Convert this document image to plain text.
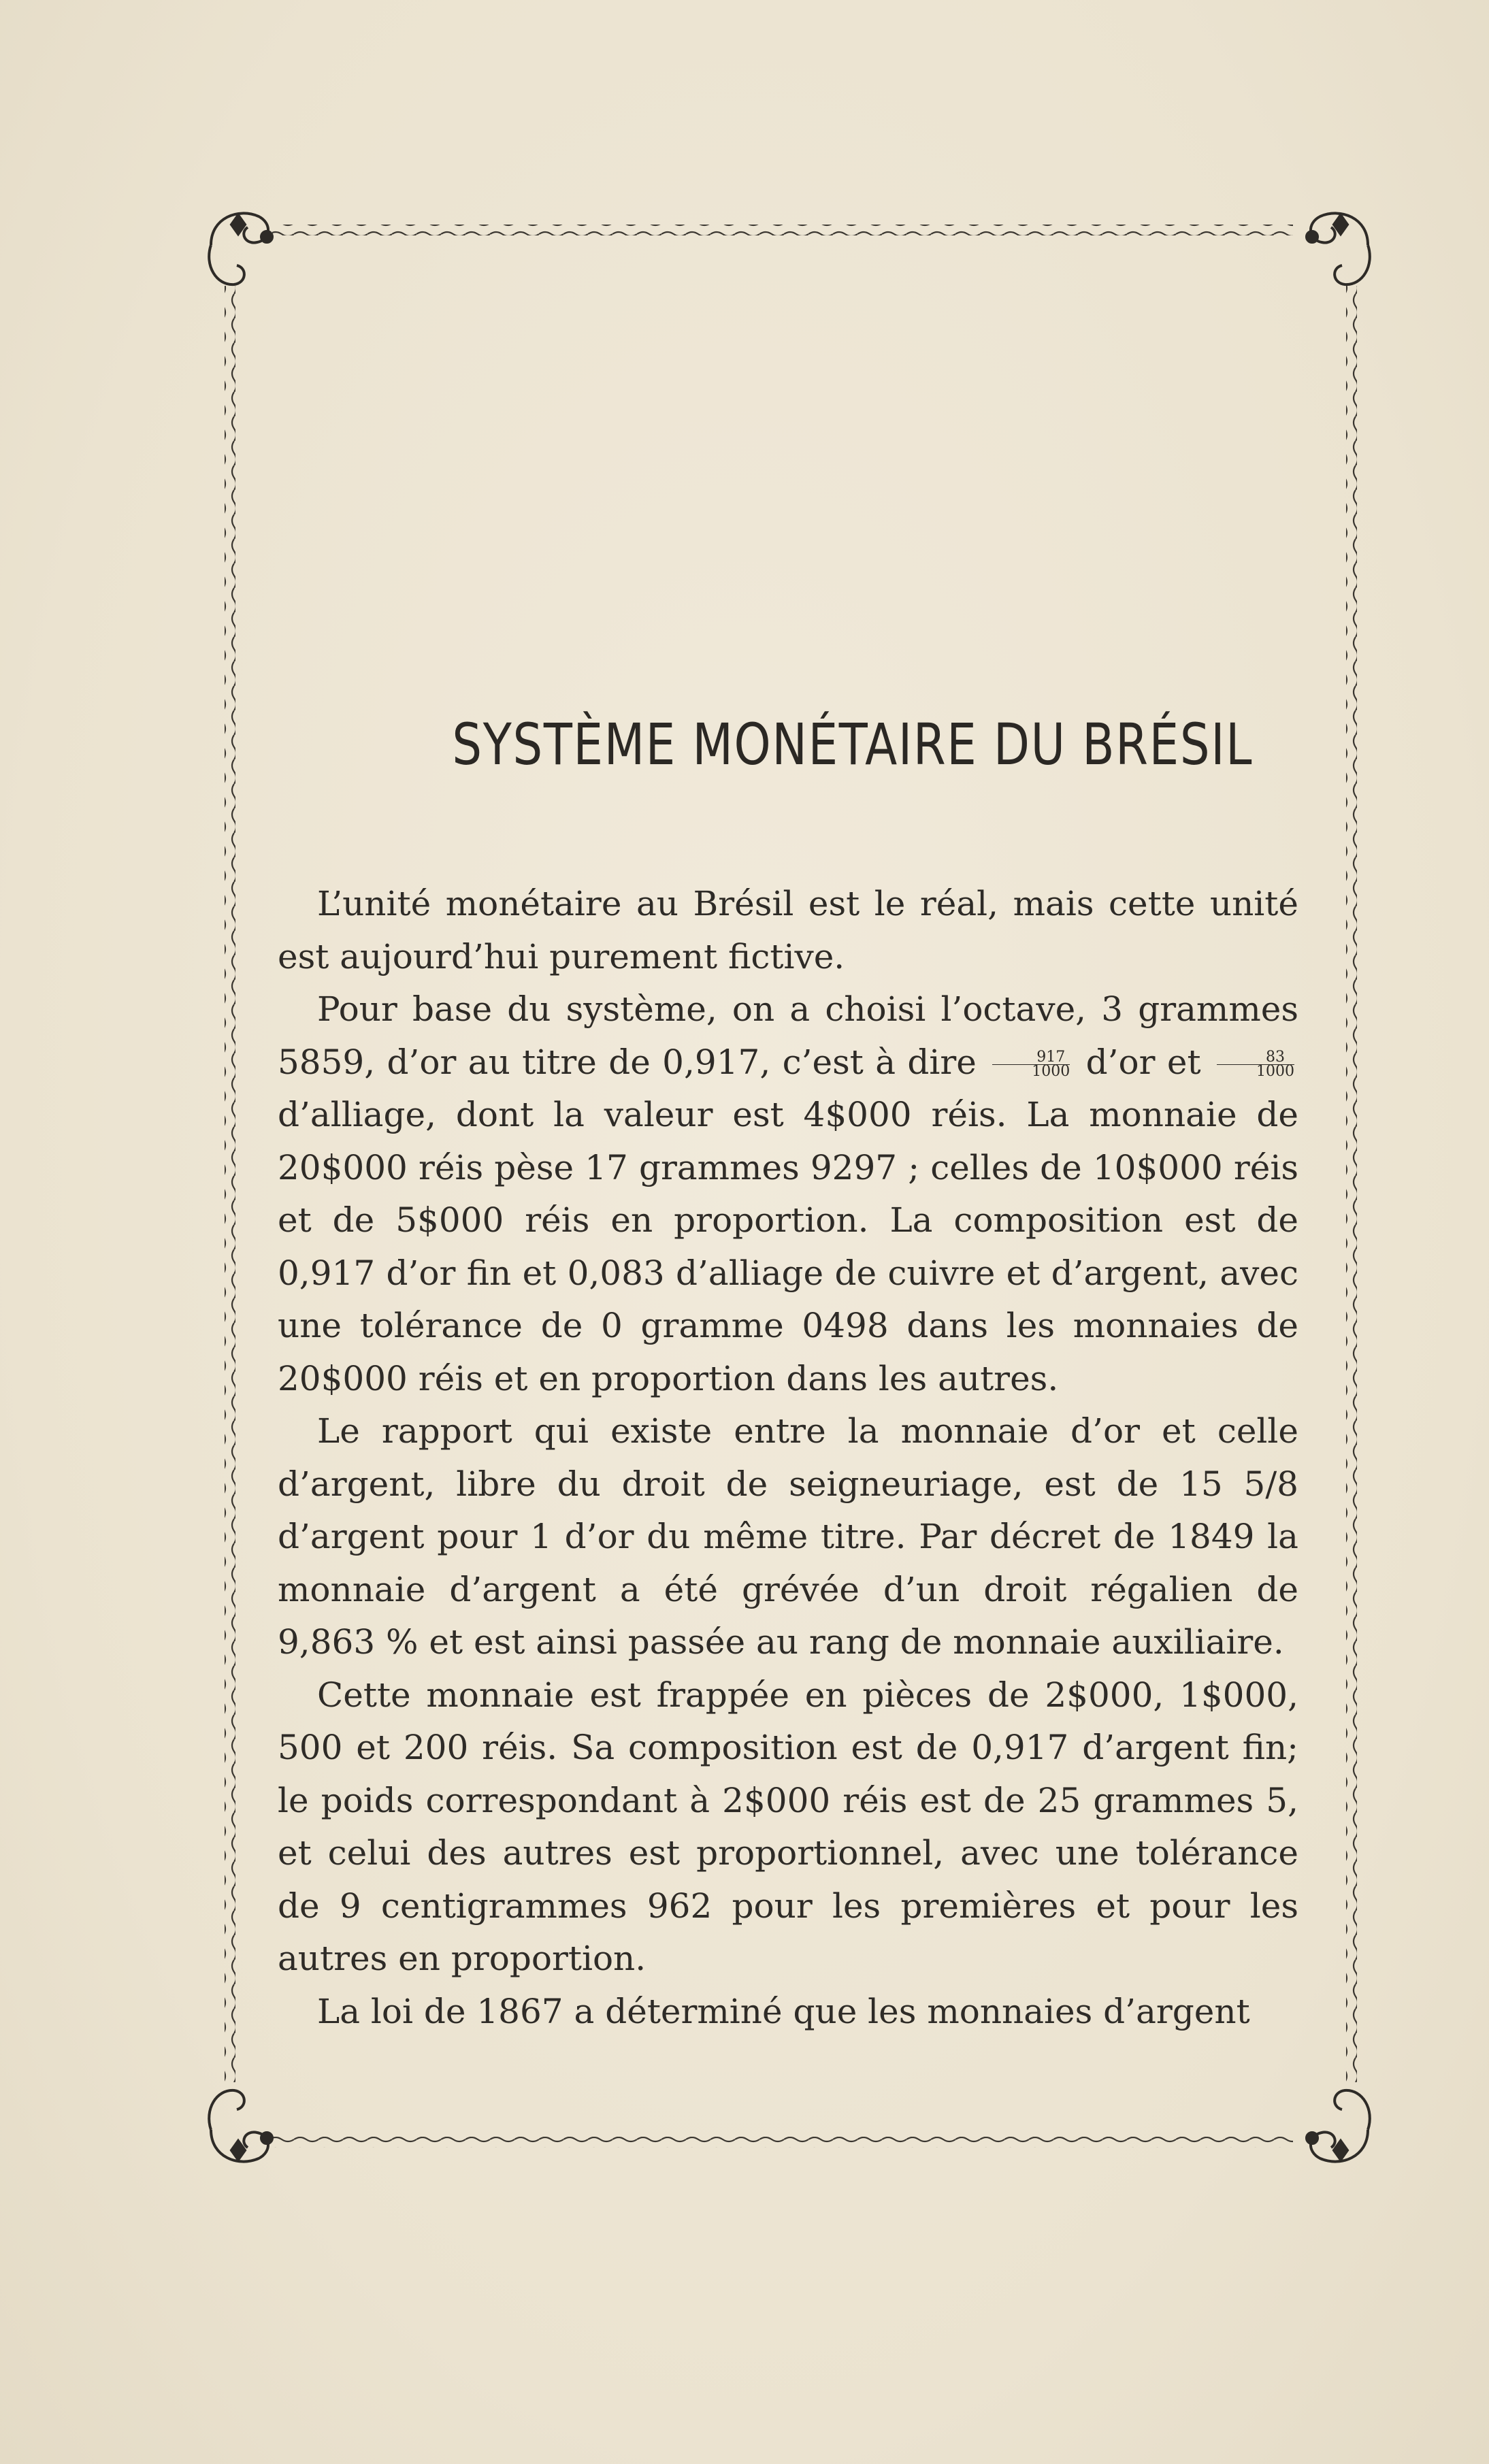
SYSTÈME MONÉTAIRE DU BRÉSIL

L’unité monétaire au Brésil est le réal, mais cette unité est aujourd’hui purement fictive.

Pour base du système, on a choisi l’octave, 3 grammes 5859, d’or au titre de 0,917, c’est à dire $\frac{917}{1000}$ d’or et $\frac{83}{1000}$
d’alliage, dont la valeur est 4$000 réis. La monnaie de 20$000 réis pèse 17 grammes 9297 ; celles de 10$000 réis et de 5$000 réis en proportion. La composition est de 0,917 d’or fin et 0,083 d’alliage de cuivre et d’argent, avec une tolérance de 0 gramme 0498 dans les monnaies de 20$000 réis et en proportion dans les autres.

Le rapport qui existe entre la monnaie d’or et celle d’argent, libre du droit de seigneuriage, est de 15 5/8 d’argent pour 1 d’or du même titre. Par décret de 1849 la monnaie d’argent a été grévée d’un droit régalien de 9,863 % et est ainsi passée au rang de monnaie auxiliaire.

Cette monnaie est frappée en pièces de 2$000, 1$000, 500 et 200 réis. Sa composition est de 0,917 d’argent fin; le poids correspondant à 2$000 réis est de 25 grammes 5, et celui des autres est proportionnel, avec une tolérance de 9 centigrammes 962 pour les premières et pour les autres en proportion.

La loi de 1867 a déterminé que les monnaies d’argent
